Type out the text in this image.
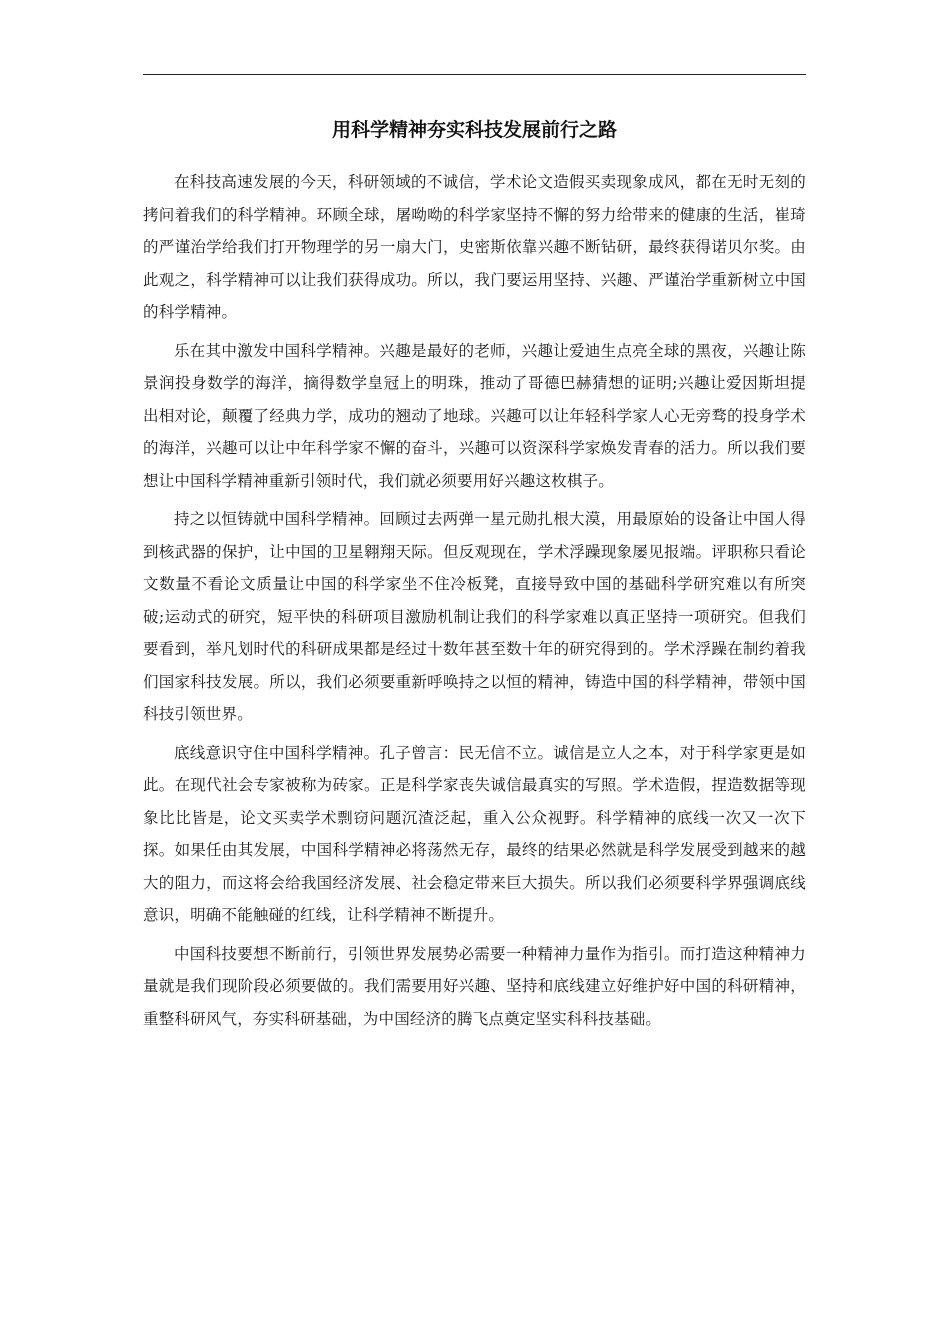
用科学精神夯实科技发展前行之路

在科技高速发展的今天，科研领域的不诚信，学术论文造假买卖现象成风，都在无时无刻的拷问着我们的科学精神。环顾全球，屠呦呦的科学家坚持不懈的努力给带来的健康的生活，崔琦的严谨治学给我们打开物理学的另一扇大门，史密斯依靠兴趣不断钻研，最终获得诺贝尔奖。由此观之，科学精神可以让我们获得成功。所以，我门要运用坚持、兴趣、严谨治学重新树立中国的科学精神。

乐在其中激发中国科学精神。兴趣是最好的老师，兴趣让爱迪生点亮全球的黑夜，兴趣让陈景润投身数学的海洋，摘得数学皇冠上的明珠，推动了哥德巴赫猜想的证明;兴趣让爱因斯坦提出相对论，颠覆了经典力学，成功的翘动了地球。兴趣可以让年轻科学家人心无旁骛的投身学术的海洋，兴趣可以让中年科学家不懈的奋斗，兴趣可以资深科学家焕发青春的活力。所以我们要想让中国科学精神重新引领时代，我们就必须要用好兴趣这枚棋子。

持之以恒铸就中国科学精神。回顾过去两弹一星元勋扎根大漠，用最原始的设备让中国人得到核武器的保护，让中国的卫星翱翔天际。但反观现在，学术浮躁现象屡见报端。评职称只看论文数量不看论文质量让中国的科学家坐不住冷板凳，直接导致中国的基础科学研究难以有所突破;运动式的研究，短平快的科研项目激励机制让我们的科学家难以真正坚持一项研究。但我们要看到，举凡划时代的科研成果都是经过十数年甚至数十年的研究得到的。学术浮躁在制约着我们国家科技发展。所以，我们必须要重新呼唤持之以恒的精神，铸造中国的科学精神，带领中国科技引领世界。

底线意识守住中国科学精神。孔子曾言：民无信不立。诚信是立人之本，对于科学家更是如此。在现代社会专家被称为砖家。正是科学家丧失诚信最真实的写照。学术造假，捏造数据等现象比比皆是，论文买卖学术剽窃问题沉渣泛起，重入公众视野。科学精神的底线一次又一次下探。如果任由其发展，中国科学精神必将荡然无存，最终的结果必然就是科学发展受到越来的越大的阻力，而这将会给我国经济发展、社会稳定带来巨大损失。所以我们必须要科学界强调底线意识，明确不能触碰的红线，让科学精神不断提升。

中国科技要想不断前行，引领世界发展势必需要一种精神力量作为指引。而打造这种精神力量就是我们现阶段必须要做的。我们需要用好兴趣、坚持和底线建立好维护好中国的科研精神，重整科研风气，夯实科研基础，为中国经济的腾飞点奠定坚实科科技基础。
